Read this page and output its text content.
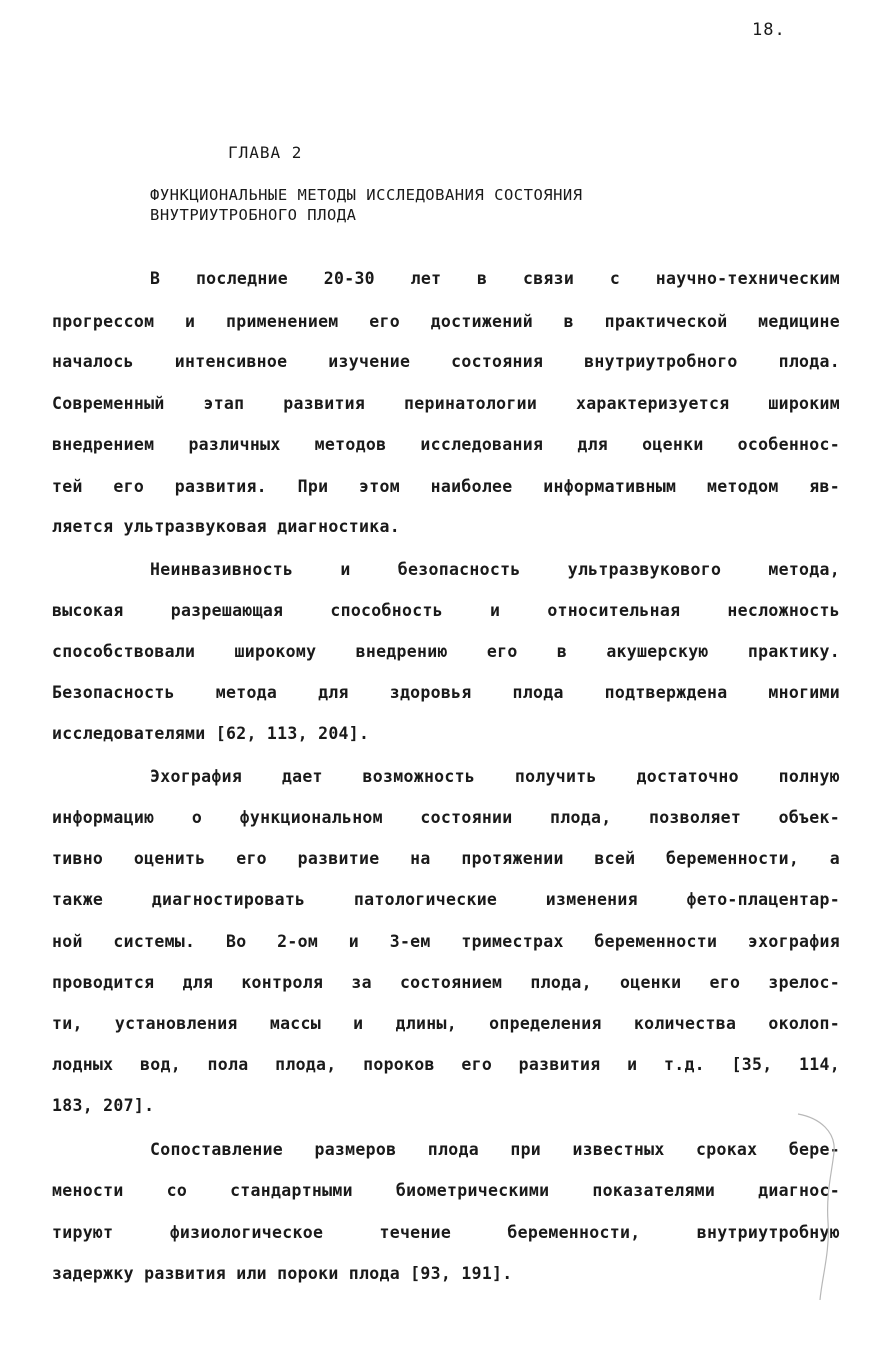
18.
ГЛАВА 2
ФУНКЦИОНАЛЬНЫЕ МЕТОДЫ ИССЛЕДОВАНИЯ СОСТОЯНИЯ
ВНУТРИУТРОБНОГО ПЛОДА
В последние 20-30 лет в связи с научно-техническим
прогрессом и применением его достижений в практической медицине
началось интенсивное изучение состояния внутриутробного плода.
Современный этап развития перинатологии характеризуется широким
внедрением различных методов исследования для оценки особеннос-
тей его развития. При этом наиболее информативным методом яв-
ляется ультразвуковая диагностика.
Неинвазивность и безопасность ультразвукового метода,
высокая разрешающая способность и относительная несложность
способствовали широкому внедрению его в акушерскую практику.
Безопасность метода для здоровья плода подтверждена многими
исследователями [62, 113, 204].
Эхография дает возможность получить достаточно полную
информацию о функциональном состоянии плода, позволяет объек-
тивно оценить его развитие на протяжении всей беременности, а
также диагностировать патологические изменения фето-плацентар-
ной системы. Во 2-ом и 3-ем триместрах беременности эхография
проводится для контроля за состоянием плода, оценки его зрелос-
ти, установления массы и длины, определения количества околоп-
лодных вод, пола плода, пороков его развития и т.д. [35, 114,
183, 207].
Сопоставление размеров плода при известных сроках бере-
мености со стандартными биометрическими показателями диагнос-
тируют физиологическое течение беременности, внутриутробную
задержку развития или пороки плода [93, 191].
